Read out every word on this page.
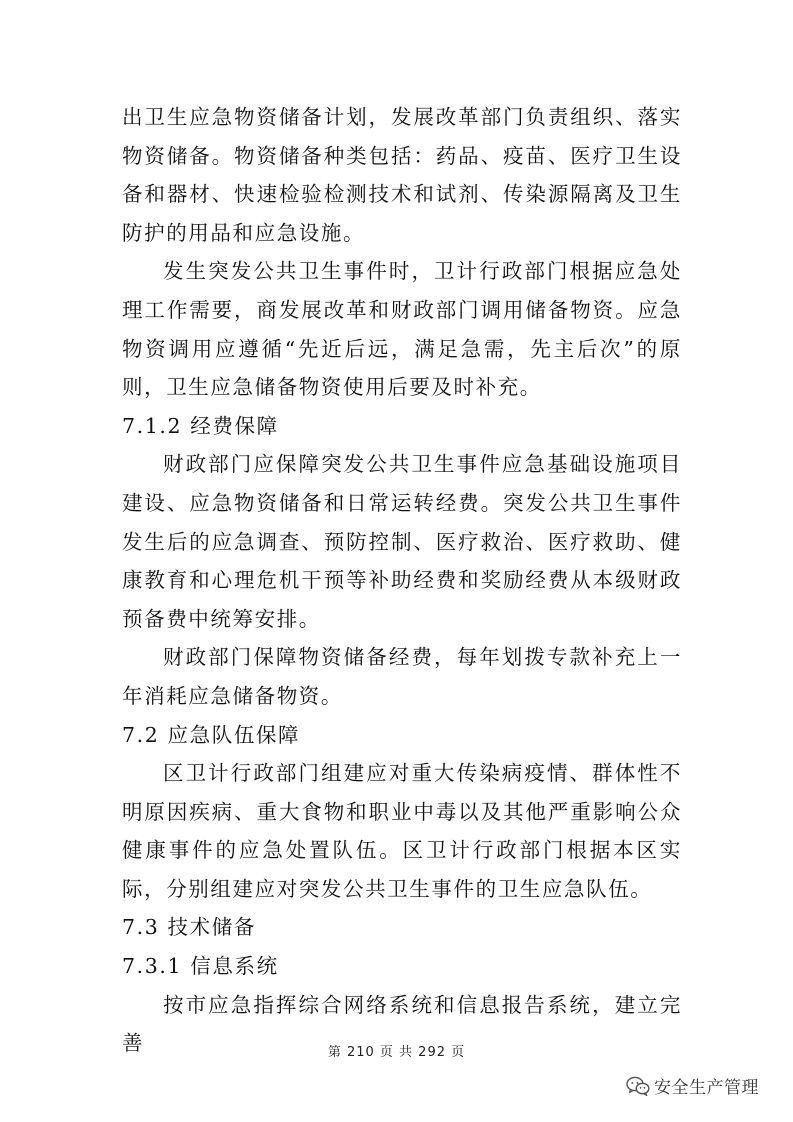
出卫生应急物资储备计划，发展改革部门负责组织、落实物资储备。物资储备种类包括：药品、疫苗、医疗卫生设备和器材、快速检验检测技术和试剂、传染源隔离及卫生防护的用品和应急设施。

发生突发公共卫生事件时，卫计行政部门根据应急处理工作需要，商发展改革和财政部门调用储备物资。应急物资调用应遵循“先近后远，满足急需，先主后次”的原则，卫生应急储备物资使用后要及时补充。

7.1.2 经费保障

财政部门应保障突发公共卫生事件应急基础设施项目建设、应急物资储备和日常运转经费。突发公共卫生事件发生后的应急调查、预防控制、医疗救治、医疗救助、健康教育和心理危机干预等补助经费和奖励经费从本级财政预备费中统筹安排。

财政部门保障物资储备经费，每年划拨专款补充上一年消耗应急储备物资。

7.2 应急队伍保障

区卫计行政部门组建应对重大传染病疫情、群体性不明原因疾病、重大食物和职业中毒以及其他严重影响公众健康事件的应急处置队伍。区卫计行政部门根据本区实际，分别组建应对突发公共卫生事件的卫生应急队伍。

7.3 技术储备

7.3.1 信息系统

按市应急指挥综合网络系统和信息报告系统，建立完善	第 210 页 共 292 页
安全生产管理
